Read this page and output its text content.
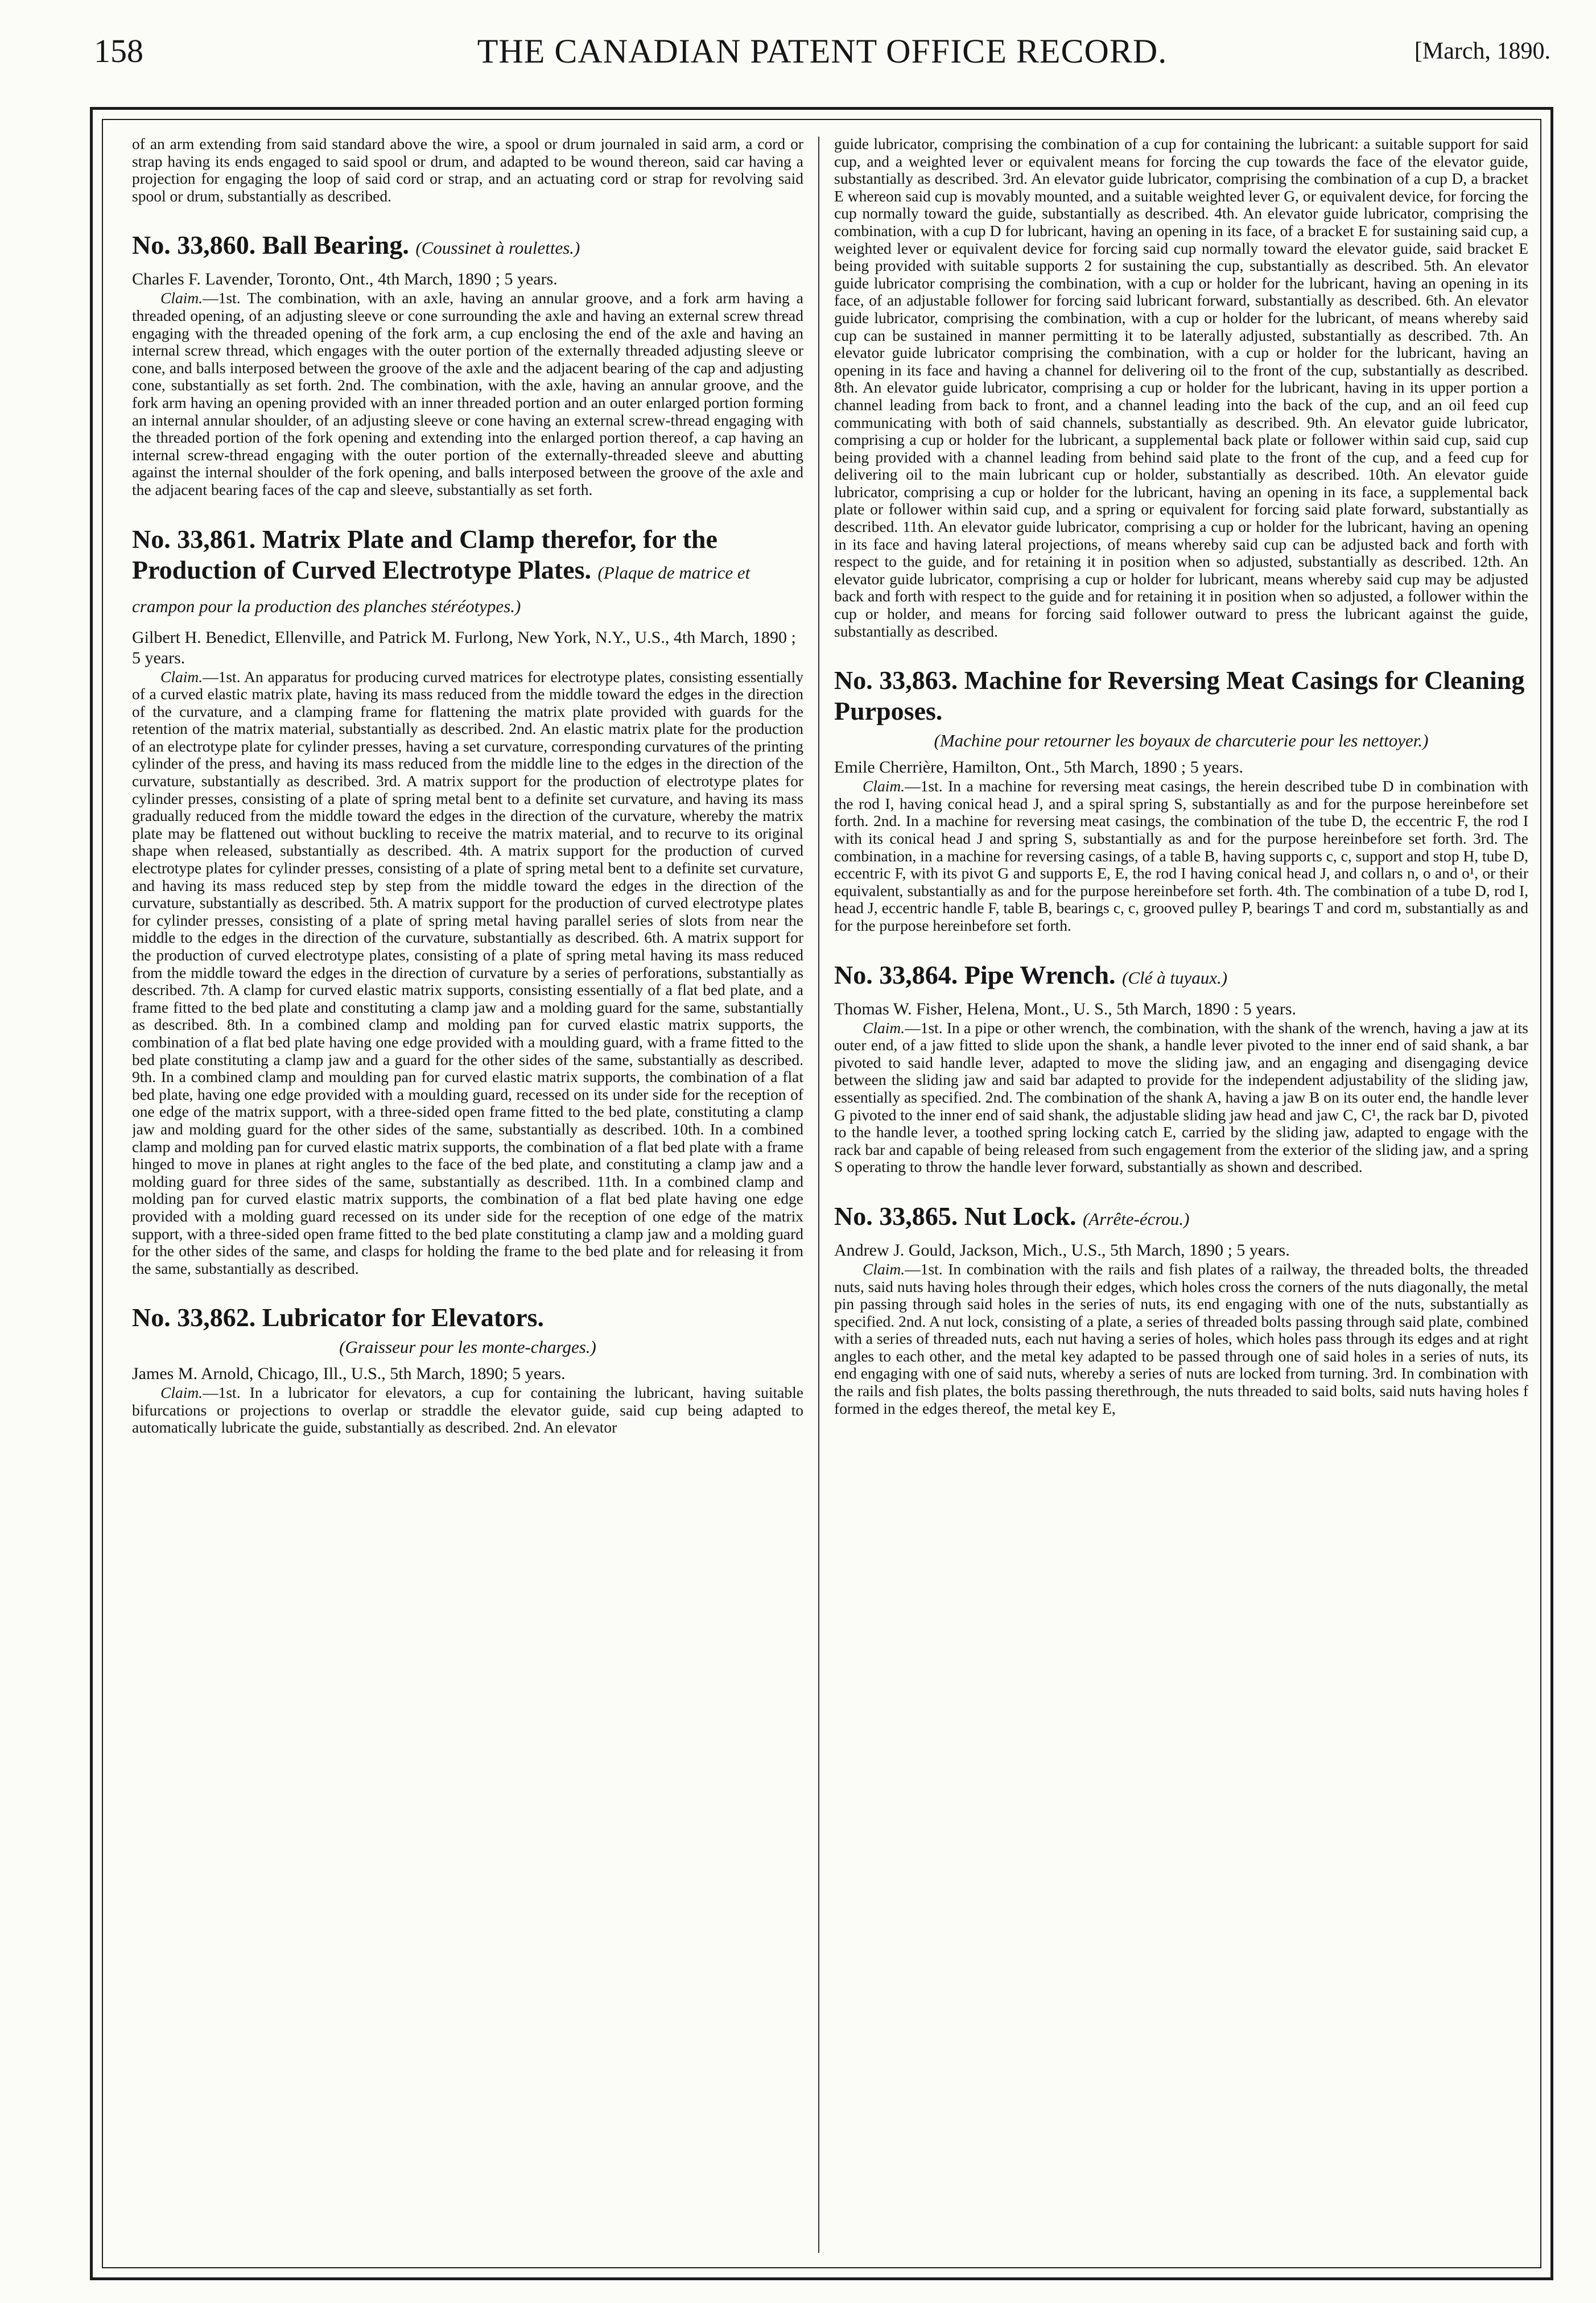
158	THE CANADIAN PATENT OFFICE RECORD.	[March, 1890.

of an arm extending from said standard above the wire, a spool or drum journaled in said arm, a cord or strap having its ends engaged to said spool or drum, and adapted to be wound thereon, said car having a projection for engaging the loop of said cord or strap, and an actuating cord or strap for revolving said spool or drum, substantially as described.

No. 33,860. Ball Bearing. (Coussinet à roulettes.)

Charles F. Lavender, Toronto, Ont., 4th March, 1890 ; 5 years.

Claim.—1st. The combination, with an axle, having an annular groove, and a fork arm having a threaded opening, of an adjusting sleeve or cone surrounding the axle and having an external screw thread engaging with the threaded opening of the fork arm, a cup enclosing the end of the axle and having an internal screw thread, which engages with the outer portion of the externally threaded adjusting sleeve or cone, and balls interposed between the groove of the axle and the adjacent bearing of the cap and adjusting cone, substantially as set forth. 2nd. The combination, with the axle, having an annular groove, and the fork arm having an opening provided with an inner threaded portion and an outer enlarged portion forming an internal annular shoulder, of an adjusting sleeve or cone having an external screw-thread engaging with the threaded portion of the fork opening and extending into the enlarged portion thereof, a cap having an internal screw-thread engaging with the outer portion of the externally-threaded sleeve and abutting against the internal shoulder of the fork opening, and balls interposed between the groove of the axle and the adjacent bearing faces of the cap and sleeve, substantially as set forth.

No. 33,861. Matrix Plate and Clamp therefor, for the Production of Curved Electrotype Plates. (Plaque de matrice et crampon pour la production des planches stéréotypes.)

Gilbert H. Benedict, Ellenville, and Patrick M. Furlong, New York, N.Y., U.S., 4th March, 1890 ; 5 years.

Claim.—1st. An apparatus for producing curved matrices for electrotype plates, consisting essentially of a curved elastic matrix plate, having its mass reduced from the middle toward the edges in the direction of the curvature, and a clamping frame for flattening the matrix plate provided with guards for the retention of the matrix material, substantially as described. 2nd. An elastic matrix plate for the production of an electrotype plate for cylinder presses, having a set curvature, corresponding curvatures of the printing cylinder of the press, and having its mass reduced from the middle line to the edges in the direction of the curvature, substantially as described. 3rd. A matrix support for the production of electrotype plates for cylinder presses, consisting of a plate of spring metal bent to a definite set curvature, and having its mass gradually reduced from the middle toward the edges in the direction of the curvature, whereby the matrix plate may be flattened out without buckling to receive the matrix material, and to recurve to its original shape when released, substantially as described. 4th. A matrix support for the production of curved electrotype plates for cylinder presses, consisting of a plate of spring metal bent to a definite set curvature, and having its mass reduced step by step from the middle toward the edges in the direction of the curvature, substantially as described. 5th. A matrix support for the production of curved electrotype plates for cylinder presses, consisting of a plate of spring metal having parallel series of slots from near the middle to the edges in the direction of the curvature, substantially as described. 6th. A matrix support for the production of curved electrotype plates, consisting of a plate of spring metal having its mass reduced from the middle toward the edges in the direction of curvature by a series of perforations, substantially as described. 7th. A clamp for curved elastic matrix supports, consisting essentially of a flat bed plate, and a frame fitted to the bed plate and constituting a clamp jaw and a molding guard for the same, substantially as described. 8th. In a combined clamp and molding pan for curved elastic matrix supports, the combination of a flat bed plate having one edge provided with a moulding guard, with a frame fitted to the bed plate constituting a clamp jaw and a guard for the other sides of the same, substantially as described. 9th. In a combined clamp and moulding pan for curved elastic matrix supports, the combination of a flat bed plate, having one edge provided with a moulding guard, recessed on its under side for the reception of one edge of the matrix support, with a three-sided open frame fitted to the bed plate, constituting a clamp jaw and molding guard for the other sides of the same, substantially as described. 10th. In a combined clamp and molding pan for curved elastic matrix supports, the combination of a flat bed plate with a frame hinged to move in planes at right angles to the face of the bed plate, and constituting a clamp jaw and a molding guard for three sides of the same, substantially as described. 11th. In a combined clamp and molding pan for curved elastic matrix supports, the combination of a flat bed plate having one edge provided with a molding guard recessed on its under side for the reception of one edge of the matrix support, with a three-sided open frame fitted to the bed plate constituting a clamp jaw and a molding guard for the other sides of the same, and clasps for holding the frame to the bed plate and for releasing it from the same, substantially as described.

No. 33,862. Lubricator for Elevators.
(Graisseur pour les monte-charges.)

James M. Arnold, Chicago, Ill., U.S., 5th March, 1890; 5 years.

Claim.—1st. In a lubricator for elevators, a cup for containing the lubricant, having suitable bifurcations or projections to overlap or straddle the elevator guide, said cup being adapted to automatically lubricate the guide, substantially as described. 2nd. An elevator

guide lubricator, comprising the combination of a cup for containing the lubricant: a suitable support for said cup, and a weighted lever or equivalent means for forcing the cup towards the face of the elevator guide, substantially as described. 3rd. An elevator guide lubricator, comprising the combination of a cup D, a bracket E whereon said cup is movably mounted, and a suitable weighted lever G, or equivalent device, for forcing the cup normally toward the guide, substantially as described. 4th. An elevator guide lubricator, comprising the combination, with a cup D for lubricant, having an opening in its face, of a bracket E for sustaining said cup, a weighted lever or equivalent device for forcing said cup normally toward the elevator guide, said bracket E being provided with suitable supports 2 for sustaining the cup, substantially as described. 5th. An elevator guide lubricator comprising the combination, with a cup or holder for the lubricant, having an opening in its face, of an adjustable follower for forcing said lubricant forward, substantially as described. 6th. An elevator guide lubricator, comprising the combination, with a cup or holder for the lubricant, of means whereby said cup can be sustained in manner permitting it to be laterally adjusted, substantially as described. 7th. An elevator guide lubricator comprising the combination, with a cup or holder for the lubricant, having an opening in its face and having a channel for delivering oil to the front of the cup, substantially as described. 8th. An elevator guide lubricator, comprising a cup or holder for the lubricant, having in its upper portion a channel leading from back to front, and a channel leading into the back of the cup, and an oil feed cup communicating with both of said channels, substantially as described. 9th. An elevator guide lubricator, comprising a cup or holder for the lubricant, a supplemental back plate or follower within said cup, said cup being provided with a channel leading from behind said plate to the front of the cup, and a feed cup for delivering oil to the main lubricant cup or holder, substantially as described. 10th. An elevator guide lubricator, comprising a cup or holder for the lubricant, having an opening in its face, a supplemental back plate or follower within said cup, and a spring or equivalent for forcing said plate forward, substantially as described. 11th. An elevator guide lubricator, comprising a cup or holder for the lubricant, having an opening in its face and having lateral projections, of means whereby said cup can be adjusted back and forth with respect to the guide, and for retaining it in position when so adjusted, substantially as described. 12th. An elevator guide lubricator, comprising a cup or holder for lubricant, means whereby said cup may be adjusted back and forth with respect to the guide and for retaining it in position when so adjusted, a follower within the cup or holder, and means for forcing said follower outward to press the lubricant against the guide, substantially as described.

No. 33,863. Machine for Reversing Meat Casings for Cleaning Purposes.
(Machine pour retourner les boyaux de charcuterie pour les nettoyer.)

Emile Cherrière, Hamilton, Ont., 5th March, 1890 ; 5 years.

Claim.—1st. In a machine for reversing meat casings, the herein described tube D in combination with the rod I, having conical head J, and a spiral spring S, substantially as and for the purpose hereinbefore set forth. 2nd. In a machine for reversing meat casings, the combination of the tube D, the eccentric F, the rod I with its conical head J and spring S, substantially as and for the purpose hereinbefore set forth. 3rd. The combination, in a machine for reversing casings, of a table B, having supports c, c, support and stop H, tube D, eccentric F, with its pivot G and supports E, E, the rod I having conical head J, and collars n, o and o¹, or their equivalent, substantially as and for the purpose hereinbefore set forth. 4th. The combination of a tube D, rod I, head J, eccentric handle F, table B, bearings c, c, grooved pulley P, bearings T and cord m, substantially as and for the purpose hereinbefore set forth.

No. 33,864. Pipe Wrench. (Clé à tuyaux.)

Thomas W. Fisher, Helena, Mont., U. S., 5th March, 1890 : 5 years.

Claim.—1st. In a pipe or other wrench, the combination, with the shank of the wrench, having a jaw at its outer end, of a jaw fitted to slide upon the shank, a handle lever pivoted to the inner end of said shank, a bar pivoted to said handle lever, adapted to move the sliding jaw, and an engaging and disengaging device between the sliding jaw and said bar adapted to provide for the independent adjustability of the sliding jaw, essentially as specified. 2nd. The combination of the shank A, having a jaw B on its outer end, the handle lever G pivoted to the inner end of said shank, the adjustable sliding jaw head and jaw C, C¹, the rack bar D, pivoted to the handle lever, a toothed spring locking catch E, carried by the sliding jaw, adapted to engage with the rack bar and capable of being released from such engagement from the exterior of the sliding jaw, and a spring S operating to throw the handle lever forward, substantially as shown and described.

No. 33,865. Nut Lock. (Arrête-écrou.)

Andrew J. Gould, Jackson, Mich., U.S., 5th March, 1890 ; 5 years.

Claim.—1st. In combination with the rails and fish plates of a railway, the threaded bolts, the threaded nuts, said nuts having holes through their edges, which holes cross the corners of the nuts diagonally, the metal pin passing through said holes in the series of nuts, its end engaging with one of the nuts, substantially as specified. 2nd. A nut lock, consisting of a plate, a series of threaded bolts passing through said plate, combined with a series of threaded nuts, each nut having a series of holes, which holes pass through its edges and at right angles to each other, and the metal key adapted to be passed through one of said holes in a series of nuts, its end engaging with one of said nuts, whereby a series of nuts are locked from turning. 3rd. In combination with the rails and fish plates, the bolts passing therethrough, the nuts threaded to said bolts, said nuts having holes f formed in the edges thereof, the metal key E,
